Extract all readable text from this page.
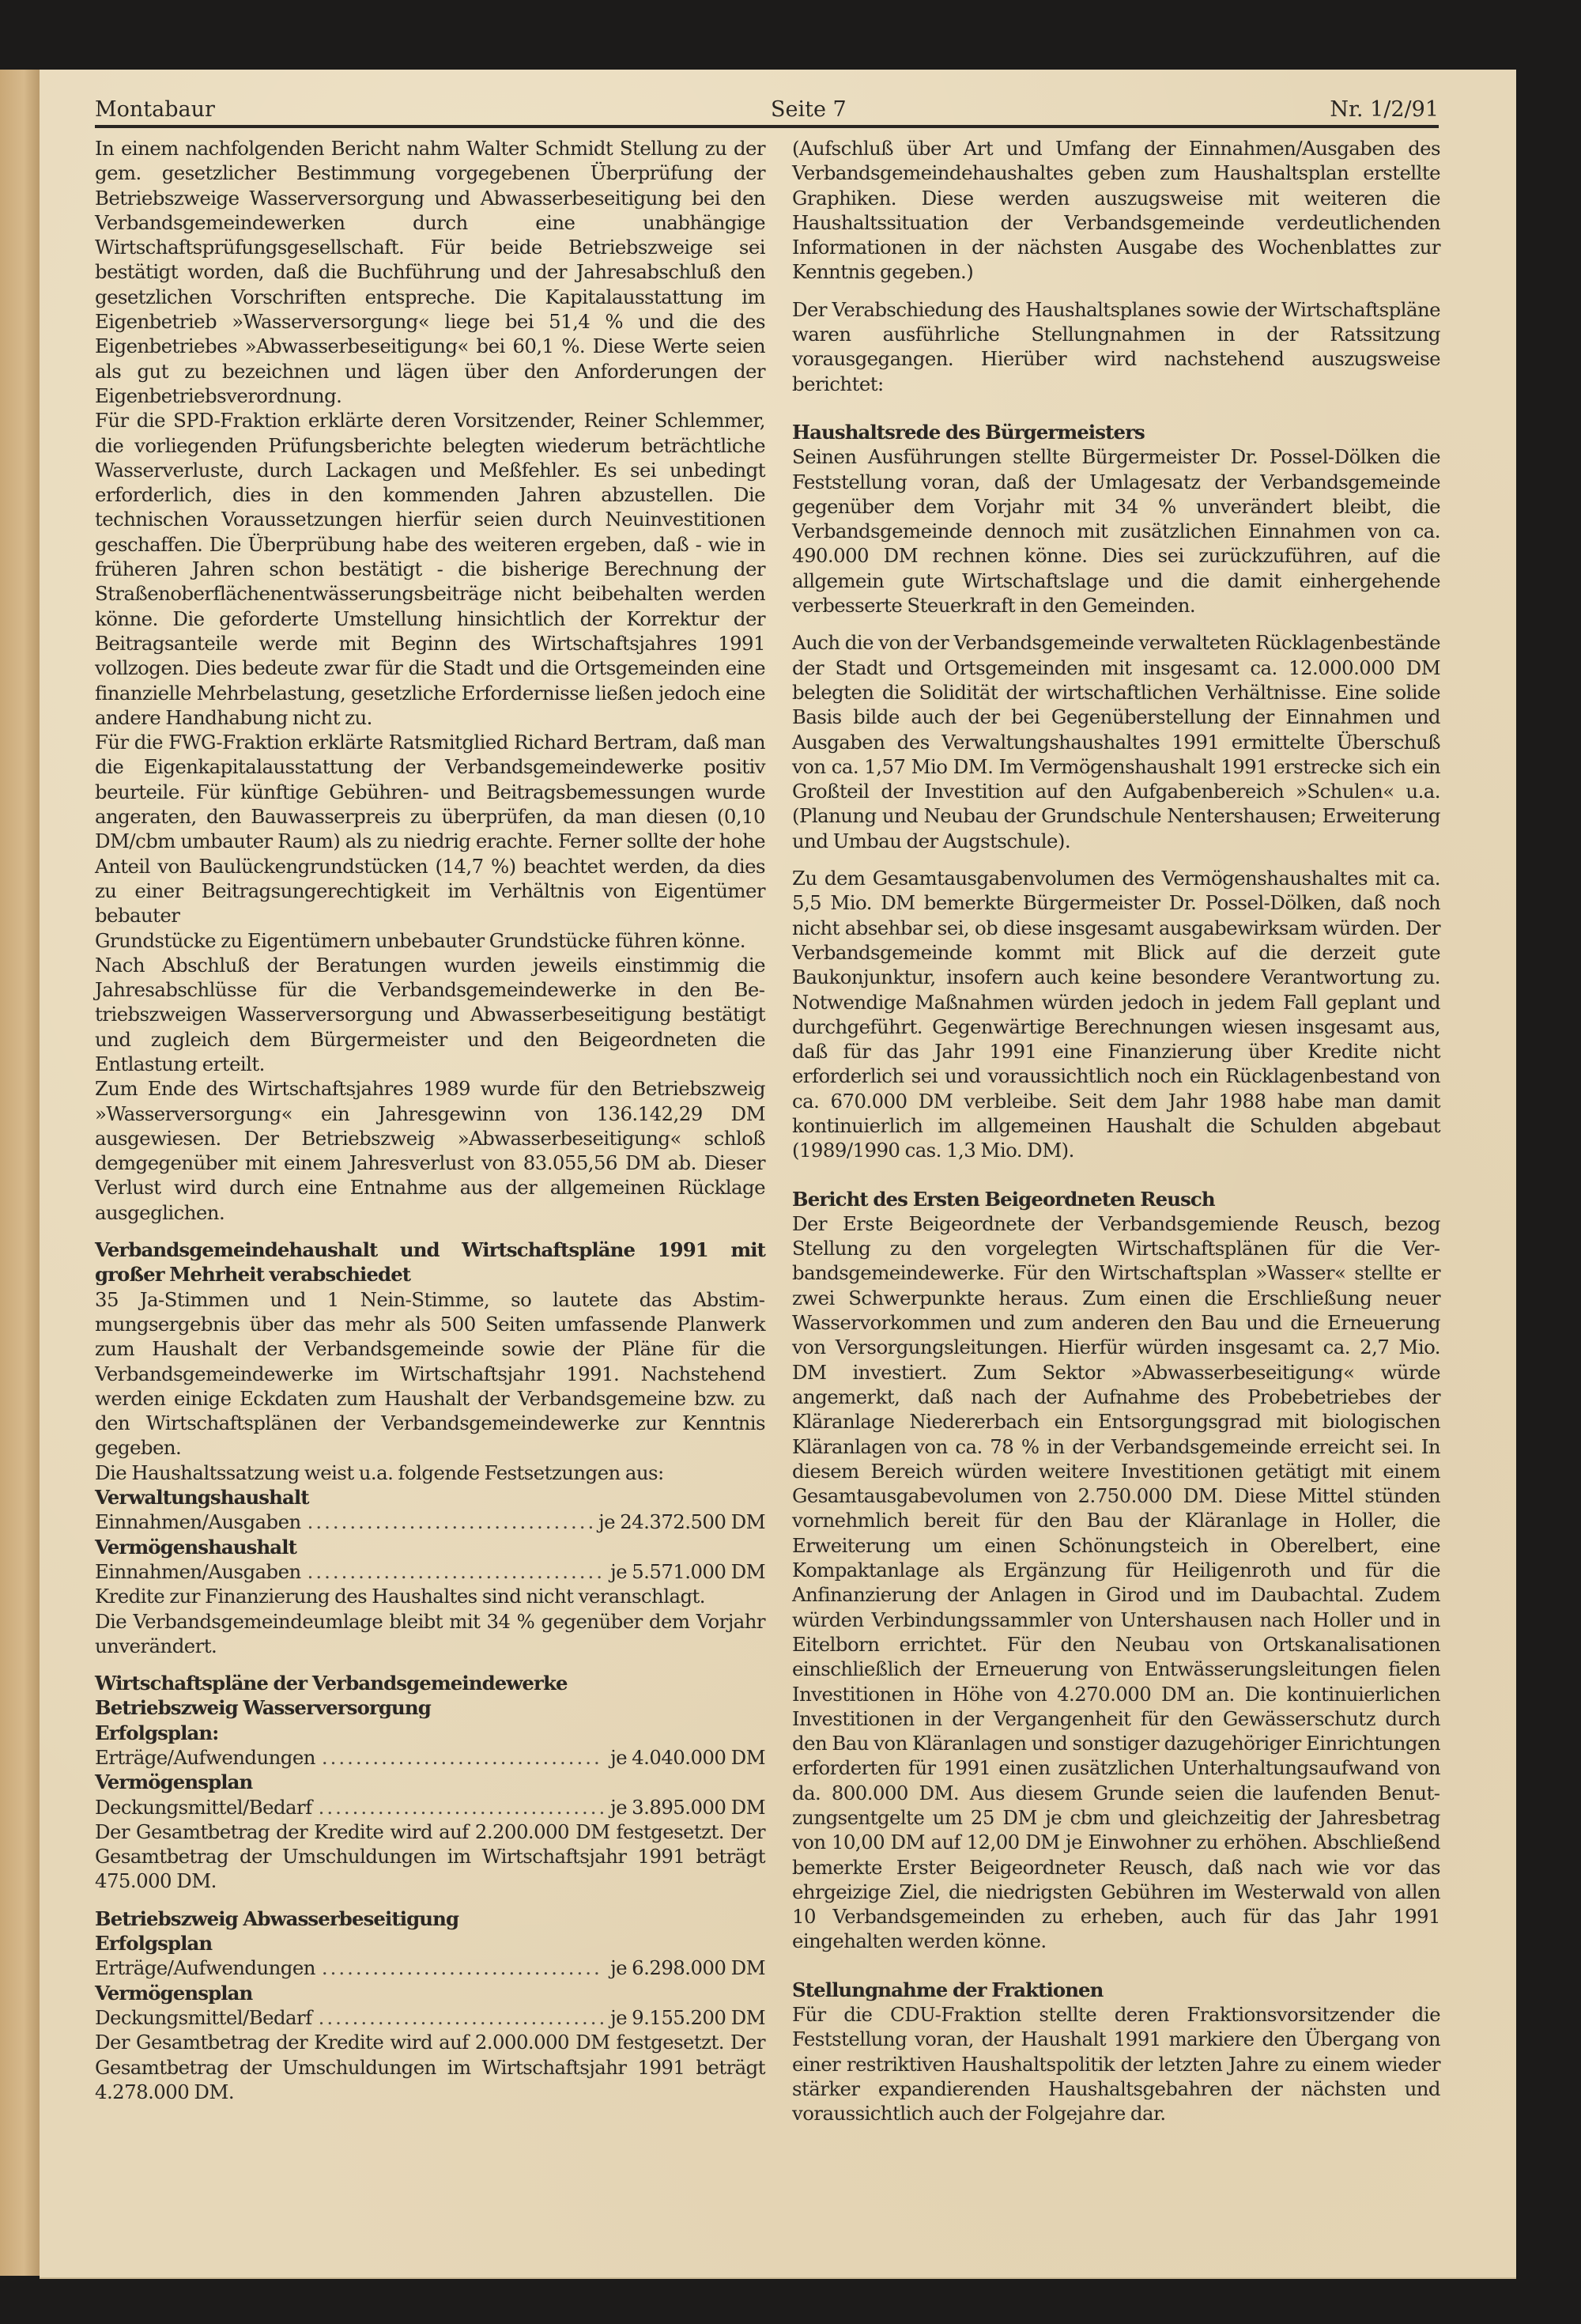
Montabaur	Seite 7	Nr. 1/2/91

In einem nachfolgenden Bericht nahm Walter Schmidt Stellung zu der gem. gesetzlicher Bestimmung vorgegebenen Überprüfung der Betriebszweige Wasserversorgung und Abwasserbeseitigung bei den Verbandsgemeindewerken durch eine unabhängige Wirtschaftsprüfungsgesellschaft. Für beide Betriebszweige sei bestätigt worden, daß die Buchführung und der Jahresabschluß den gesetzlichen Vorschriften entspreche. Die Kapitalausstattung im Eigenbetrieb »Wasserversorgung« liege bei 51,4 % und die des Eigenbetriebes »Abwasserbeseitigung« bei 60,1 %. Diese Werte seien als gut zu bezeichnen und lägen über den Anforderungen der Eigenbetriebsverordnung.

Für die SPD-Fraktion erklärte deren Vorsitzender, Reiner Schlemmer, die vorliegenden Prüfungsberichte belegten wiederum beträchtliche Wasserverluste, durch Lackagen und Meßfehler. Es sei unbedingt erforderlich, dies in den kommenden Jahren abzustellen. Die technischen Voraussetzungen hierfür seien durch Neuinvestitionen geschaffen. Die Überprübung habe des weiteren ergeben, daß - wie in früheren Jahren schon bestätigt - die bisherige Berechnung der Straßenoberflächenentwässerungsbeiträge nicht beibehalten werden könne. Die geforderte Umstellung hinsichtlich der Korrektur der Beitragsanteile werde mit Beginn des Wirtschaftsjahres 1991 vollzogen. Dies bedeute zwar für die Stadt und die Ortsgemeinden eine finanzielle Mehrbelastung, gesetzliche Erfordernisse ließen jedoch eine andere Handhabung nicht zu.

Für die FWG-Fraktion erklärte Ratsmitglied Richard Bertram, daß man die Eigenkapitalausstattung der Verbandsgemeindewerke positiv beurteile. Für künftige Gebühren- und Beitragsbemessungen wurde angeraten, den Bauwasserpreis zu überprüfen, da man diesen (0,10 DM/cbm umbauter Raum) als zu niedrig erachte. Ferner sollte der hohe Anteil von Baulückengrundstücken (14,7 %) beachtet werden, da dies zu einer Beitragsungerechtigkeit im Verhältnis von Eigentümer bebauter

Grundstücke zu Eigentümern unbebauter Grundstücke führen könne.

Nach Abschluß der Beratungen wurden jeweils einstimmig die Jahresabschlüsse für die Verbandsgemeindewerke in den Betriebszweigen Wasserversorgung und Abwasserbeseitigung bestätigt und zugleich dem Bürgermeister und den Beigeordneten die Entlastung erteilt.

Zum Ende des Wirtschaftsjahres 1989 wurde für den Betriebszweig »Wasserversorgung« ein Jahresgewinn von 136.142,29 DM ausgewiesen. Der Betriebszweig »Abwasserbeseitigung« schloß demgegenüber mit einem Jahresverlust von 83.055,56 DM ab. Dieser Verlust wird durch eine Entnahme aus der allgemeinen Rücklage ausgeglichen.

Verbandsgemeindehaushalt und Wirtschaftspläne 1991 mit großer Mehrheit verabschiedet

35 Ja-Stimmen und 1 Nein-Stimme, so lautete das Abstimmungsergebnis über das mehr als 500 Seiten umfassende Planwerk zum Haushalt der Verbandsgemeinde sowie der Pläne für die Verbandsgemeindewerke im Wirtschaftsjahr 1991. Nachstehend werden einige Eckdaten zum Haushalt der Verbandsgemeine bzw. zu den Wirtschaftsplänen der Verbandsgemeindewerke zur Kenntnis gegeben.

Die Haushaltssatzung weist u.a. folgende Festsetzungen aus:

Verwaltungshaushalt

Einnahmen/Ausgaben .....	je 24.372.500 DM

Vermögenshaushalt

Einnahmen/Ausgaben .....	je 5.571.000 DM

Kredite zur Finanzierung des Haushaltes sind nicht veranschlagt.

Die Verbandsgemeindeumlage bleibt mit 34 % gegenüber dem Vorjahr unverändert.

Wirtschaftspläne der Verbandsgemeindewerke

Betriebszweig Wasserversorgung

Erfolgsplan:

Erträge/Aufwendungen .....	je 4.040.000 DM

Vermögensplan

Deckungsmittel/Bedarf .....	je 3.895.000 DM

Der Gesamtbetrag der Kredite wird auf 2.200.000 DM festgesetzt. Der Gesamtbetrag der Umschuldungen im Wirtschaftsjahr 1991 beträgt 475.000 DM.

Betriebszweig Abwasserbeseitigung

Erfolgsplan

Erträge/Aufwendungen .....	je 6.298.000 DM

Vermögensplan

Deckungsmittel/Bedarf .....	je 9.155.200 DM

Der Gesamtbetrag der Kredite wird auf 2.000.000 DM festgesetzt. Der Gesamtbetrag der Umschuldungen im Wirtschaftsjahr 1991 beträgt 4.278.000 DM.

(Aufschluß über Art und Umfang der Einnahmen/Ausgaben des Verbandsgemeindehaushaltes geben zum Haushaltsplan erstellte Graphiken. Diese werden auszugsweise mit weiteren die Haushaltssituation der Verbandsgemeinde verdeutlichenden Informationen in der nächsten Ausgabe des Wochenblattes zur Kenntnis gegeben.)

Der Verabschiedung des Haushaltsplanes sowie der Wirtschaftspläne waren ausführliche Stellungnahmen in der Ratssitzung vorausgegangen. Hierüber wird nachstehend auszugsweise berichtet:

Haushaltsrede des Bürgermeisters

Seinen Ausführungen stellte Bürgermeister Dr. Possel-Dölken die Feststellung voran, daß der Umlagesatz der Verbandsgemeinde gegenüber dem Vorjahr mit 34 % unverändert bleibt, die Verbandsgemeinde dennoch mit zusätzlichen Einnahmen von ca. 490.000 DM rechnen könne. Dies sei zurückzuführen, auf die allgemein gute Wirtschaftslage und die damit einhergehende verbesserte Steuerkraft in den Gemeinden.

Auch die von der Verbandsgemeinde verwalteten Rücklagenbestände der Stadt und Ortsgemeinden mit insgesamt ca. 12.000.000 DM belegten die Solidität der wirtschaftlichen Verhältnisse. Eine solide Basis bilde auch der bei Gegenüberstellung der Einnahmen und Ausgaben des Verwaltungshaushaltes 1991 ermittelte Überschuß von ca. 1,57 Mio DM. Im Vermögenshaushalt 1991 erstrecke sich ein Großteil der Investition auf den Aufgabenbereich »Schulen« u.a. (Planung und Neubau der Grundschule Nentershausen; Erweiterung und Umbau der Augstschule).

Zu dem Gesamtausgabenvolumen des Vermögenshaushaltes mit ca. 5,5 Mio. DM bemerkte Bürgermeister Dr. Possel-Dölken, daß noch nicht absehbar sei, ob diese insgesamt ausgabewirksam würden. Der Verbandsgemeinde kommt mit Blick auf die derzeit gute Baukonjunktur, insofern auch keine besondere Verantwortung zu. Notwendige Maßnahmen würden jedoch in jedem Fall geplant und durchgeführt. Gegenwärtige Berechnungen wiesen insgesamt aus, daß für das Jahr 1991 eine Finanzierung über Kredite nicht erforderlich sei und voraussichtlich noch ein Rücklagenbestand von ca. 670.000 DM verbleibe. Seit dem Jahr 1988 habe man damit kontinuierlich im allgemeinen Haushalt die Schulden abgebaut (1989/1990 cas. 1,3 Mio. DM).

Bericht des Ersten Beigeordneten Reusch

Der Erste Beigeordnete der Verbandsgemiende Reusch, bezog Stellung zu den vorgelegten Wirtschaftsplänen für die Verbandsgemeindewerke. Für den Wirtschaftsplan »Wasser« stellte er zwei Schwerpunkte heraus. Zum einen die Erschließung neuer Wasservorkommen und zum anderen den Bau und die Erneuerung von Versorgungsleitungen. Hierfür würden insgesamt ca. 2,7 Mio. DM investiert. Zum Sektor »Abwasserbeseitigung« würde angemerkt, daß nach der Aufnahme des Probebetriebes der Kläranlage Niedererbach ein Entsorgungsgrad mit biologischen Kläranlagen von ca. 78 % in der Verbandsgemeinde erreicht sei. In diesem Bereich würden weitere Investitionen getätigt mit einem Gesamtausgabevolumen von 2.750.000 DM. Diese Mittel stünden vornehmlich bereit für den Bau der Kläranlage in Holler, die Erweiterung um einen Schönungsteich in Oberelbert, eine Kompaktanlage als Ergänzung für Heiligenroth und für die Anfinanzierung der Anlagen in Girod und im Daubachtal. Zudem würden Verbindungssammler von Untershausen nach Holler und in Eitelborn errichtet. Für den Neubau von Ortskanalisationen einschließlich der Erneuerung von Entwässerungsleitungen fielen Investitionen in Höhe von 4.270.000 DM an. Die kontinuierlichen Investitionen in der Vergangenheit für den Gewässerschutz durch den Bau von Kläranlagen und sonstiger dazugehöriger Einrichtungen erforderten für 1991 einen zusätzlichen Unterhaltungsaufwand von da. 800.000 DM. Aus diesem Grunde seien die laufenden Benutzungsentgelte um 25 DM je cbm und gleichzeitig der Jahresbetrag von 10,00 DM auf 12,00 DM je Einwohner zu erhöhen. Abschließend bemerkte Erster Beigeordneter Reusch, daß nach wie vor das ehrgeizige Ziel, die niedrigsten Gebühren im Westerwald von allen 10 Verbandsgemeinden zu erheben, auch für das Jahr 1991 eingehalten werden könne.

Stellungnahme der Fraktionen

Für die CDU-Fraktion stellte deren Fraktionsvorsitzender die Feststellung voran, der Haushalt 1991 markiere den Übergang von einer restriktiven Haushaltspolitik der letzten Jahre zu einem wieder stärker expandierenden Haushaltsgebahren der nächsten und voraussichtlich auch der Folgejahre dar.
